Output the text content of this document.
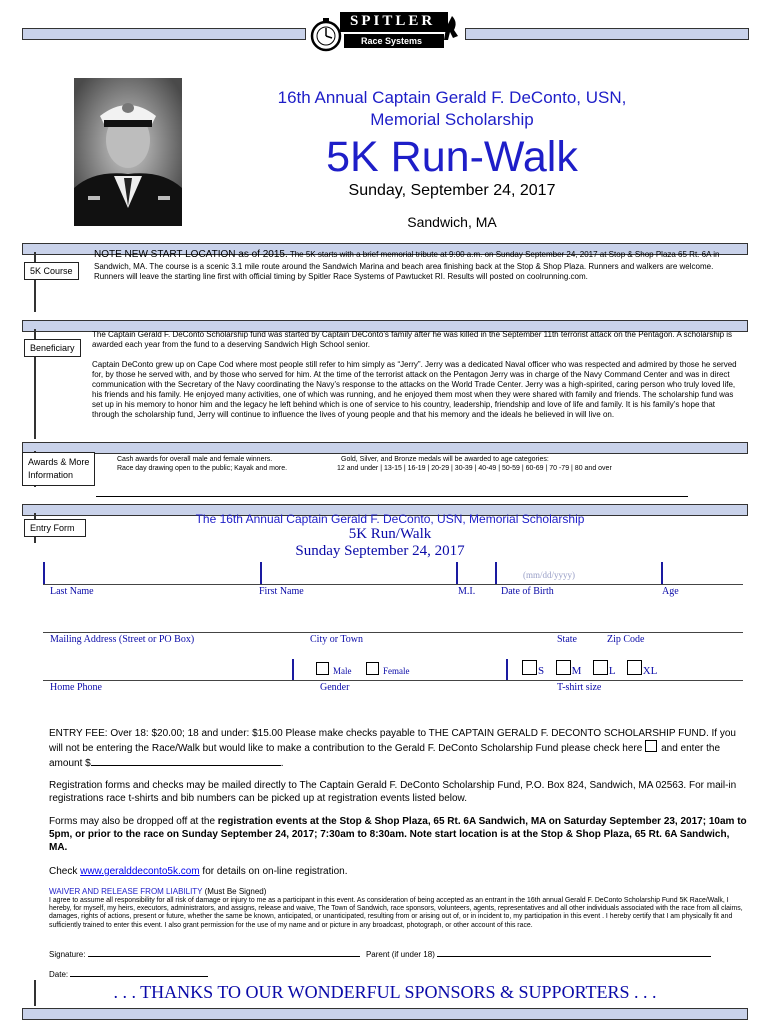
SPITLER
Race Systems
16th Annual Captain Gerald F. DeConto, USN,
Memorial Scholarship
5K Run-Walk
Sunday, September 24, 2017
Sandwich, MA
5K Course
NOTE NEW START LOCATION as of 2015. The 5K starts with a brief memorial tribute at 9:00 a.m. on Sunday September 24, 2017 at Stop & Shop Plaza 65 Rt. 6A in Sandwich, MA. The course is a scenic 3.1 mile route around the Sandwich Marina and beach area finishing back at the Stop & Shop Plaza. Runners and walkers are welcome. Runners will leave the starting line first with official timing by Spitler Race Systems of Pawtucket RI. Results will posted on coolrunning.com.
Beneficiary
The Captain Gerald F. DeConto Scholarship fund was started by Captain DeConto’s family after he was killed in the September 11th terrorist attack on the Pentagon. A scholarship is awarded each year from the fund to a deserving Sandwich High School senior.
Captain DeConto grew up on Cape Cod where most people still refer to him simply as “Jerry”. Jerry was a dedicated Naval officer who was respected and admired by those he served for, by those he served with, and by those who served for him. At the time of the terrorist attack on the Pentagon Jerry was in charge of the Navy Command Center and was in direct communication with the Secretary of the Navy coordinating the Navy’s response to the attacks on the World Trade Center. Jerry was a high-spirited, caring person who truly loved life, his friends and his family. He enjoyed many activities, one of which was running, and he enjoyed them most when they were shared with family and friends. The scholarship fund was set up in his memory to honor him and the legacy he left behind which is one of service to his country, leadership, friendship and love of life and family. It is his family’s hope that through the scholarship fund, Jerry will continue to influence the lives of young people and that his memory and the ideals he believed in will live on.
Awards & More
Information
Cash awards for overall male and female winners.
Race day drawing open to the public; Kayak and more.
Gold, Silver, and Bronze medals will be awarded to age categories:
12 and under | 13-15 | 16-19 | 20-29 | 30-39 | 40-49 | 50-59 | 60-69 | 70 -79 | 80 and over
Entry Form
The 16th Annual Captain Gerald F. DeConto, USN, Memorial Scholarship
5K Run/Walk
Sunday September 24, 2017
(mm/dd/yyyy)
Last Name	First Name	M.I.	Date of Birth	Age
Mailing Address (Street or PO Box)	City or Town	State	Zip Code
Male	Female	S	M	L	XL
Home Phone	Gender	T-shirt size
ENTRY FEE: Over 18: $20.00; 18 and under: $15.00 Please make checks payable to THE CAPTAIN GERALD F. DECONTO SCHOLARSHIP FUND. If you will not be entering the Race/Walk but would like to make a contribution to the Gerald F. DeConto Scholarship Fund please check here and enter the amount $	.
Registration forms and checks may be mailed directly to The Captain Gerald F. DeConto Scholarship Fund, P.O. Box 824, Sandwich, MA 02563. For mail-in registrations race t-shirts and bib numbers can be picked up at registration events listed below.
Forms may also be dropped off at the registration events at the Stop & Shop Plaza, 65 Rt. 6A Sandwich, MA on Saturday September 23, 2017; 10am to 5pm, or prior to the race on Sunday September 24, 2017; 7:30am to 8:30am. Note start location is at the Stop & Shop Plaza, 65 Rt. 6A Sandwich, MA.
Check www.geralddeconto5k.com for details on on-line registration.
WAIVER AND RELEASE FROM LIABILITY (Must Be Signed)
I agree to assume all responsibility for all risk of damage or injury to me as a participant in this event. As consideration of being accepted as an entrant in the 16th annual Gerald F. DeConto Scholarship Fund 5K Race/Walk, I hereby, for myself, my heirs, executors, administrators, and assigns, release and waive, The Town of Sandwich, race sponsors, volunteers, agents, representatives and all other individuals associated with the race from all claims, damages, rights of actions, present or future, whether the same be known, anticipated, or unanticipated, resulting from or arising out of, or in incident to, my participation in this event . I hereby certify that I am physically fit and sufficiently trained to enter this event. I also grant permission for the use of my name and or picture in any broadcast, photograph, or other account of this race.
Signature:	Parent (if under 18)
Date:
. . . THANKS TO OUR WONDERFUL SPONSORS & SUPPORTERS . . .
